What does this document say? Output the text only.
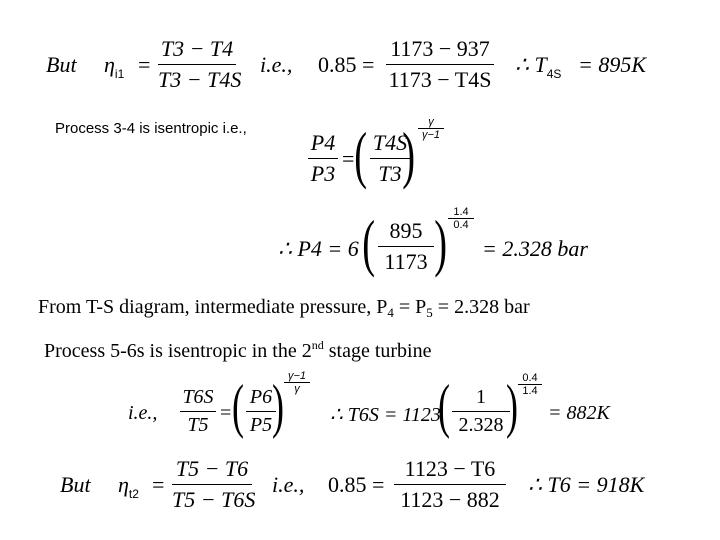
But $\eta_{i1}$ =
T3 − T4
T3 − T4S
i.e., 0.85 =
1173 − 937
1173 − T4S
∴ $T_{4S} = 895K$
Process 3-4 is isentropic i.e.,
P4
P3
= ( T4S
T3 )	γ
γ−1
∴ P4 = 6 ( 895
1173 ) 1.4
0.4
= 2.328 bar
From T-S diagram, intermediate pressure, $P_4 = P_5 = 2.328$ bar
Process 5-6s is isentropic in the 2nd stage turbine
i.e.,
T6S
T5
= ( P6
P5 ) γ−1
γ
∴ T6S = 1123
(	1
2.328 ) 0.4
1.4
= 882K
But $\eta_{t2}$ =
T5 − T6
T5 − T6S
i.e., 0.85 =
1123 − T6
1123 − 882
∴ T6 = 918K
